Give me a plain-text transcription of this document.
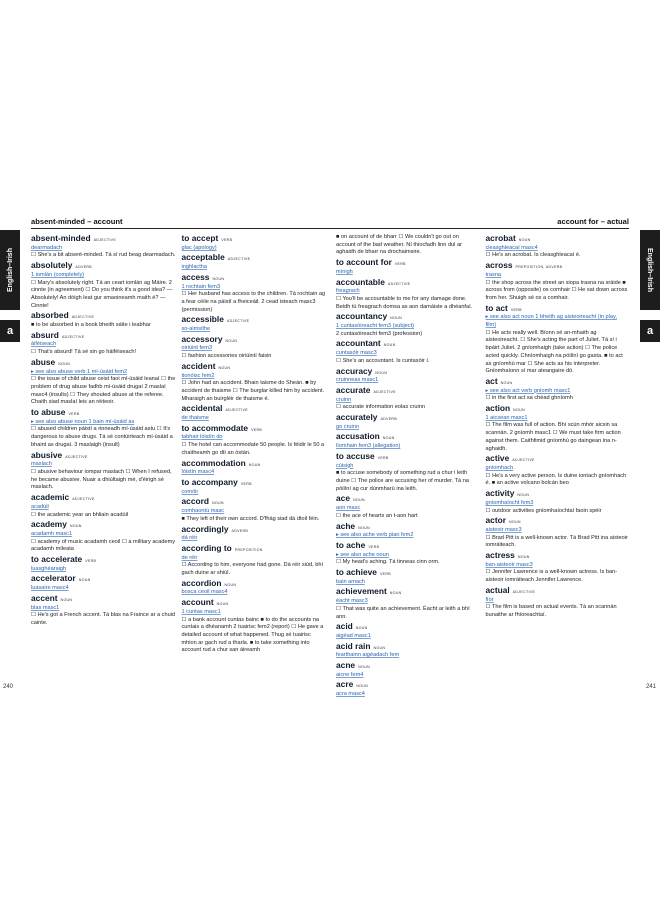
absent-minded – account
English–Irish
a
absent-minded ADJECTIVE
dearmadach
☐ She's a bit absent-minded. Tá sí rud beag dearmadach.
absolutely ADVERB
1 iomlán (completely)
☐ Mary's absolutely right. Tá an ceart iomlán ag Máire. 2 cinnte (in agreement) ☐ Do you think it's a good idea? — Absolutely! An dóigh leat gur smaoineamh maith é? — Cinnte!
absorbed ADJECTIVE
■ to be absorbed in a book bheith sáite i leabhar
absurd ADJECTIVE
áiféiseach
☐ That's absurd! Tá sé sin go háiféiseach!
abuse NOUN
▸ see also abuse verb 1 mí-úsáid fem2
☐ the issue of child abuse ceist faoi mí-úsáid leanaí ☐ the problem of drug abuse fadhb mí-úsáid drugaí 2 maslaí masc4 (insults) ☐ They shouted abuse at the referee. Chaith siad maslaí leis an réiteoir.
to abuse VERB
▸ see also abuse noun 1 bain mí-úsáid as
☐ abused children páistí a rinneadh mí-úsáid astu ☐ It's dangerous to abuse drugs. Tá sé contúirteach mí-úsáid a bhaint as drugaí. 3 maslaigh (insult)
abusive ADJECTIVE
maslach
☐ abusive behaviour iompar maslach ☐ When I refused, he became abusive. Nuair a dhiúltaigh mé, d'éirigh sé maslach.
academic ADJECTIVE
acadúil
☐ the academic year an bhliain acadúil
academy NOUN
acadamh masc1
☐ academy of music acadamh ceoil ☐ a military academy acadamh míleata
to accelerate VERB
luasghéaraigh
accelerator NOUN
luasaire masc4
accent NOUN
blas masc1
☐ He's got a French accent. Tá blas na Fraince ar a chuid cainte.
to accept VERB
glac (apology)
acceptable ADJECTIVE
inghlactha
access NOUN
1 rochtain fem3
☐ Her husband has access to the children. Tá rochtain ag a fear céile na páistí a fheiceáil. 2 cead isteach masc3 (permission)
accessible ADJECTIVE
so-aimsithe
accessory NOUN
oiriúint fem3
☐ fashion accessories oiriúintí faisin
accident NOUN
tionóisc fem2
☐ John had an accident. Bhain taisme do Sheán. ■ by accident de thaisme ☐ The burglar killed him by accident. Mharaigh an buirgléir de thaisme é.
accidental ADJECTIVE
de thaisme
to accommodate VERB
tabhair lóistín do
☐ The hotel can accommodate 50 people. Is féidir le 50 a chaitheamh go dtí an óstán.
accommodation NOUN
lóistín masc4
to accompany VERB
comóir
accord NOUN
comhaontú masc
■ They left of their own accord. D'fhág siad dá dtoil féin.
accordingly ADVERB
dá réir
according to PREPOSITION
de réir
☐ According to him, everyone had gone. Dá réir siúd, bhí gach duine ar shiúl.
accordion NOUN
bosca ceoil masc4
account NOUN
1 cuntas masc1
☐ a bank account cuntas bainc ■ to do the accounts na cuntais a dhéanamh 2 tuairisc fem2 (report) ☐ He gave a detailed account of what happened. Thug sé tuairisc mhion ar gach rud a tharla. ■ to take something into account rud a chur san áireamh
240
account for – actual
English–Irish
a
■ on account of de bharr ☐ We couldn't go out on account of the bad weather. Ní thiocfadh linn dul ar aghaidh de bharr na drochaimsire.
to account for VERB
mínigh
accountable ADJECTIVE
freagrach
☐ You'll be accountable to me for any damage done. Beidh tú freagrach domsa as aon damáiste a dhéanfaí.
accountancy NOUN
1 cuntasóireacht fem3 (subject)
2 cuntasóireacht fem3 (profession)
accountant NOUN
cuntasóir masc3
☐ She's an accountant. Is cuntasóir í.
accuracy NOUN
cruinneas masc1
accurate ADJECTIVE
cruinn
☐ accurate information eolas cruinn
accurately ADVERB
go cruinn
accusation NOUN
líomhain fem3 (allegation)
to accuse VERB
cúisigh
■ to accuse somebody of something rud a chur i leith duine ☐ The police are accusing her of murder. Tá na póilíní ag cur dúnmharú ina leith.
ace NOUN
aon masc
☐ the ace of hearts an t-aon hart
ache NOUN
▸ see also ache verb pian fem2
to ache VERB
▸ see also ache noun
☐ My head's aching. Tá tinneas cinn orm.
to achieve VERB
bain amach
achievement NOUN
éacht masc3
☐ That was quite an achievement. Éacht ar leith a bhí ann.
acid NOUN
aigéad masc1
acid rain NOUN
fearthainn aigéadach fem
acne NOUN
aicne fem4
acre NOUN
acra masc4
acrobat NOUN
cleasghleacaí masc4
☐ He's an acrobat. Is cleasghleacaí é.
across PREPOSITION, ADVERB
trasna
☐ the shop across the street an siopa trasna na sráide ■ across from (opposite) os comhair ☐ He sat down across from her. Shuigh sé os a comhair.
to act VERB
▸ see also act noun 1 bheith ag aisteoireacht (in play, film)
☐ He acts really well. Bíonn sé an-mhaith ag aisteoireacht. ☐ She's acting the part of Juliet. Tá sí i bpáirt Juliet. 2 gníomhaigh (take action) ☐ The police acted quickly. Chníomhaigh na póilíní go gasta. ■ to act as gníomhú mar ☐ She acts as his interpreter. Gníomhaíonn sí mar ateangaire dó.
act NOUN
▸ see also act verb gníomh masc1
☐ in the first act sa chéad ghníomh
action NOUN
1 aicsean masc1
☐ The film was full of action. Bhí scún mhór aicsin sa scannán. 2 gníomh masc1 ☐ We must take firm action against them. Caithfimid gníomhú go daingean ina n-aghaidh.
active ADJECTIVE
gníomhach
☐ He's a very active person. Is duine iontach gníomhach é. ■ an active volcano bolcán beo
activity NOUN
gníomhaíocht fem3
☐ outdoor activities gníomhaíochtaí faoin spéir
actor NOUN
aisteoir masc3
☐ Brad Pitt is a well-known actor. Tá Brad Pitt ina aisteoir iomráiteach.
actress NOUN
ban-aisteoir masc3
☐ Jennifer Lawrence is a well-known actress. Is ban-aisteoir iomráiteach Jennifer Lawrence.
actual ADJECTIVE
fíor
☐ The film is based on actual events. Tá an scannán bunaithe ar fhíoreachtaí.
241
